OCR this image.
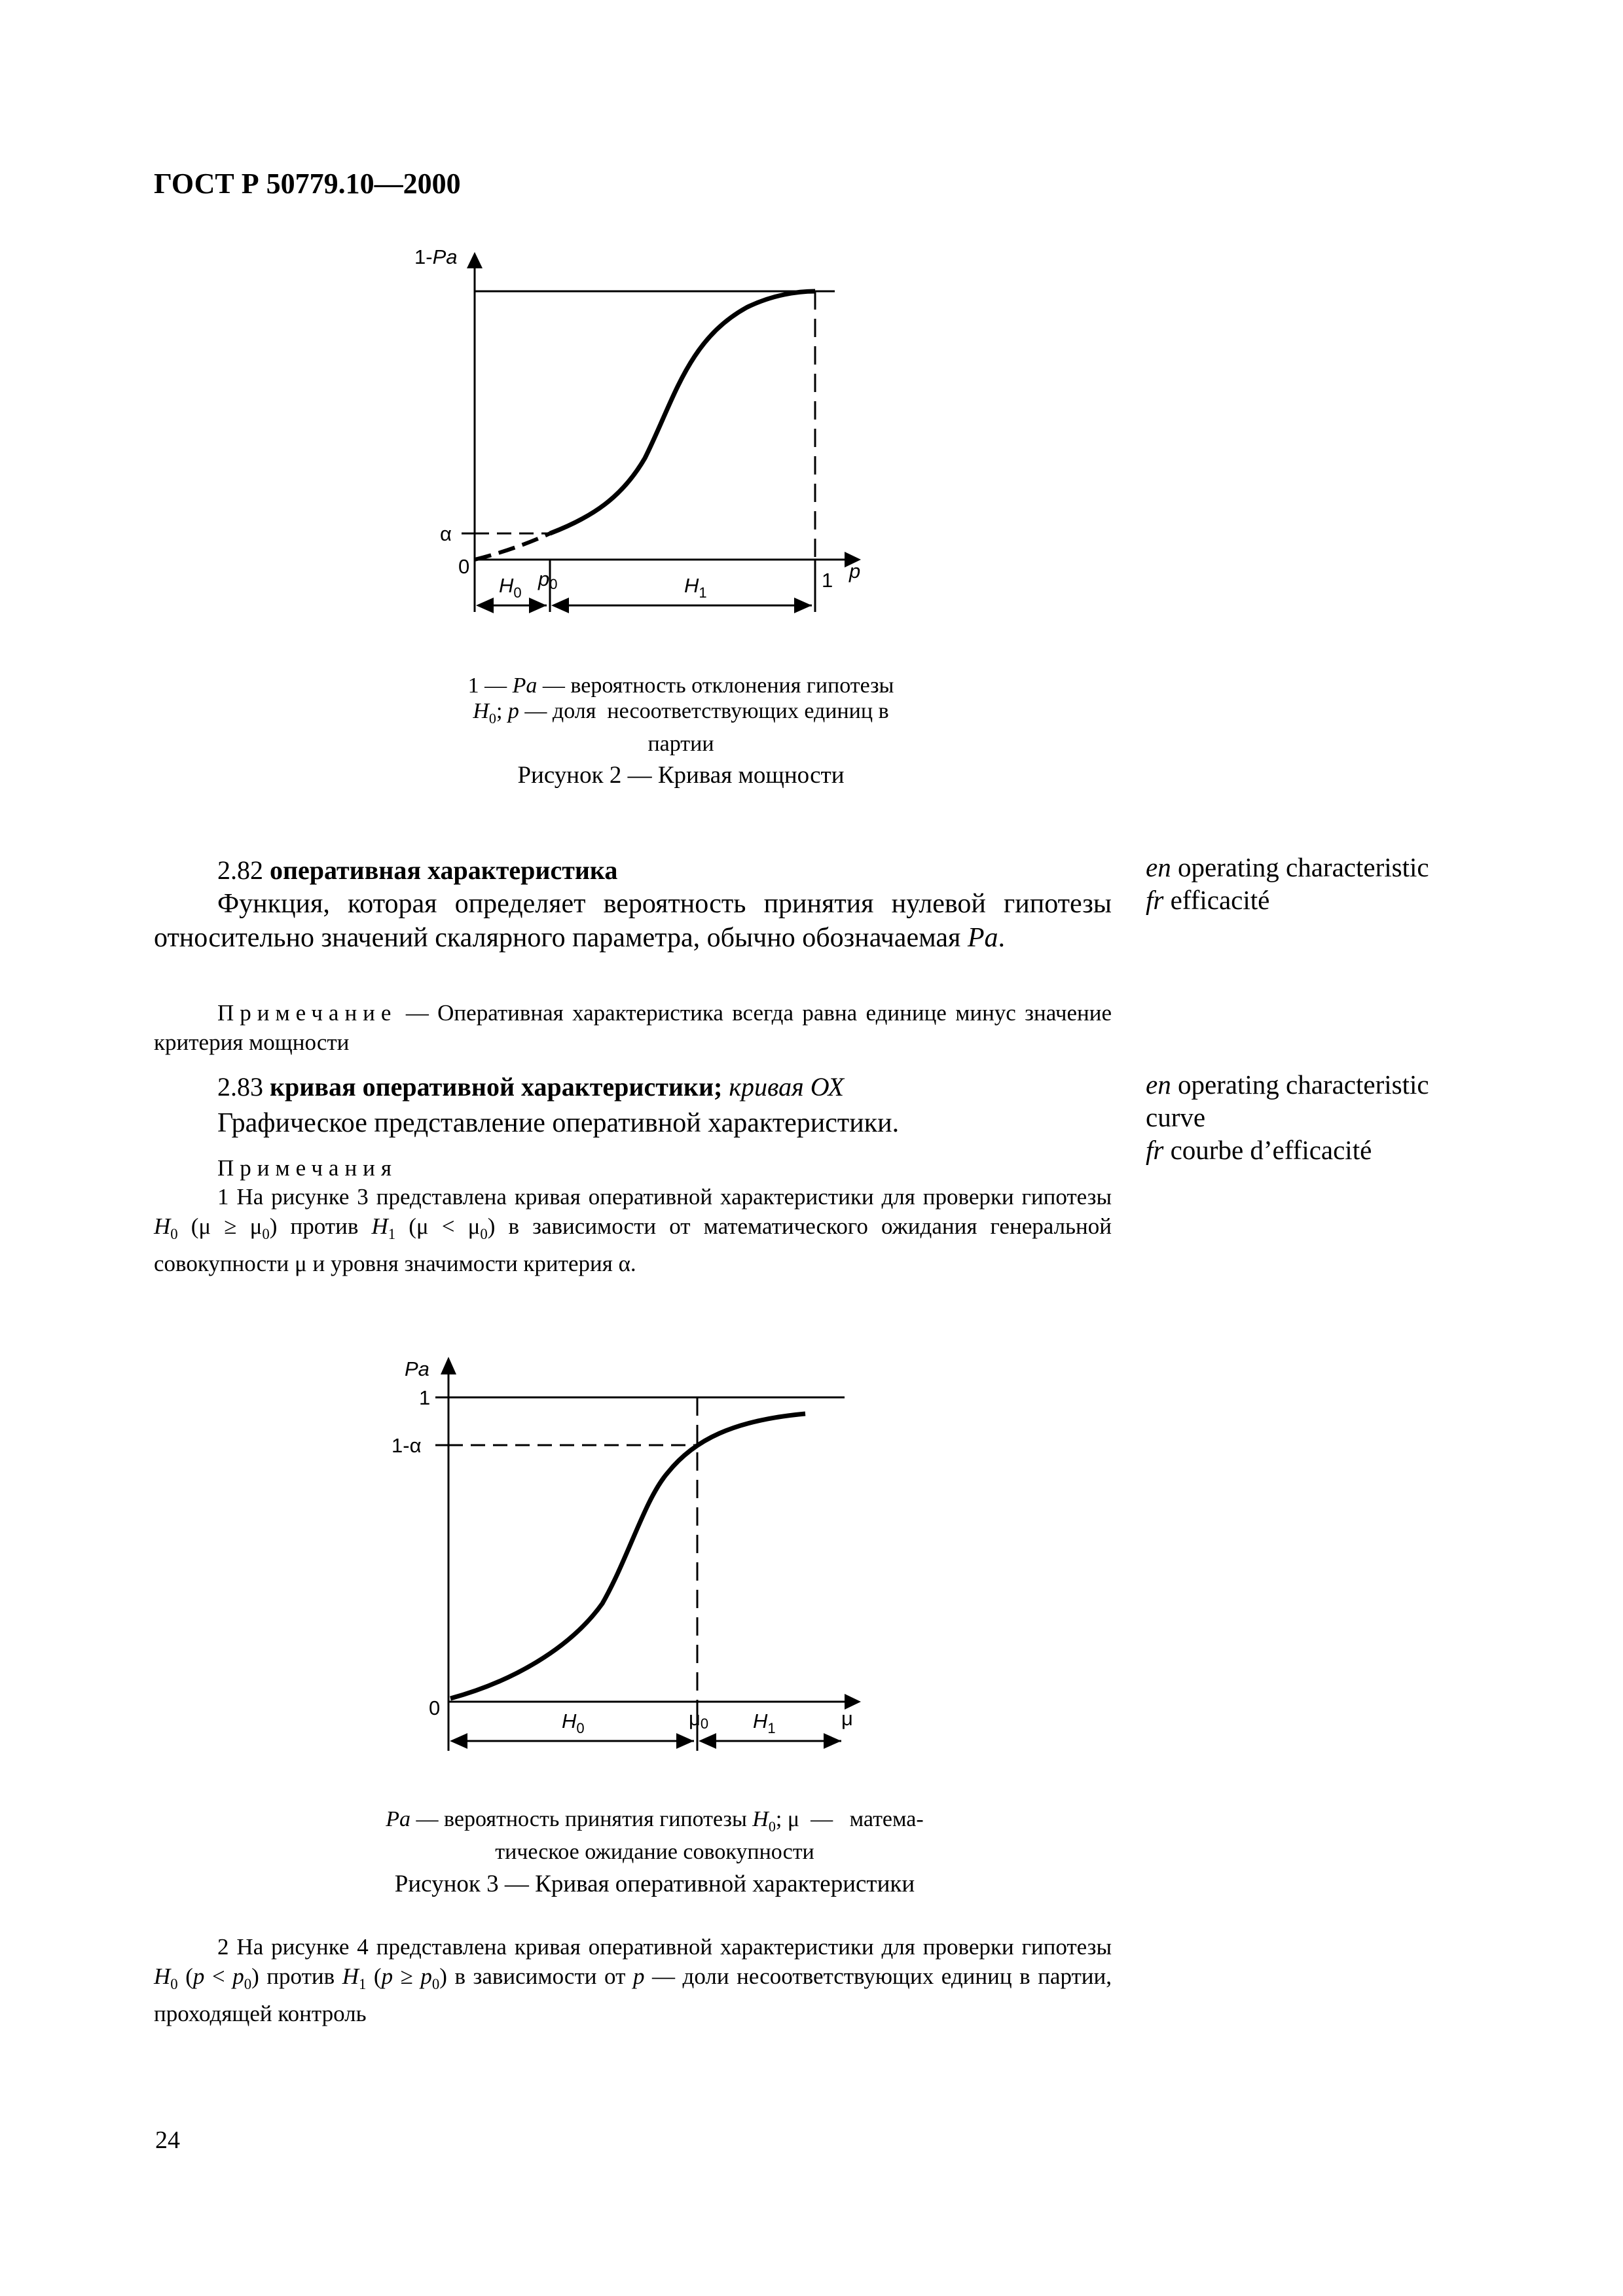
ГОСТ Р 50779.10—2000
1-Pa
α
0
$H_0$
p0	$H_1$
1 p
1 — Pa — вероятность отклонения гипотезы
$H_0$; p — доля  несоответствующих единиц в
партии
Рисунок 2 — Кривая мощности
2.82 оперативная характеристика
Функция, которая определяет вероятность принятия нулевой гипотезы относительно значений скалярного параметра, обычно обозначаемая Pa.
Примечание — Оперативная характеристика всегда равна единице минус значение критерия мощности
en operating characteristic
fr efficacité
2.83 кривая оперативной характеристики; кривая ОХ
Графическое представление оперативной характеристики.
Примечания
1 На рисунке 3 представлена кривая оперативной характеристики для проверки гипотезы $H_0$ $(\mu \ge \mu_0)$ против $H_1$ $(\mu < \mu_0)$ в зависимости от математического ожидания генеральной совокупности μ и уровня значимости критерия α.
en operating characteristic
curve
fr courbe d’efficacité
Pa
1
1-α
0
$H_0$	μ0 $H_1$	μ
Pa — вероятность принятия гипотезы $H_0$; μ  —   матема-
тическое ожидание совокупности
Рисунок 3 — Кривая оперативной характеристики
2 На рисунке 4 представлена кривая оперативной характеристики для проверки гипотезы $H_0$ $(p < p_0)$ против $H_1$ $(p \ge p_0)$ в зависимости от p — доли несоответствующих единиц в партии, проходящей контроль
24
